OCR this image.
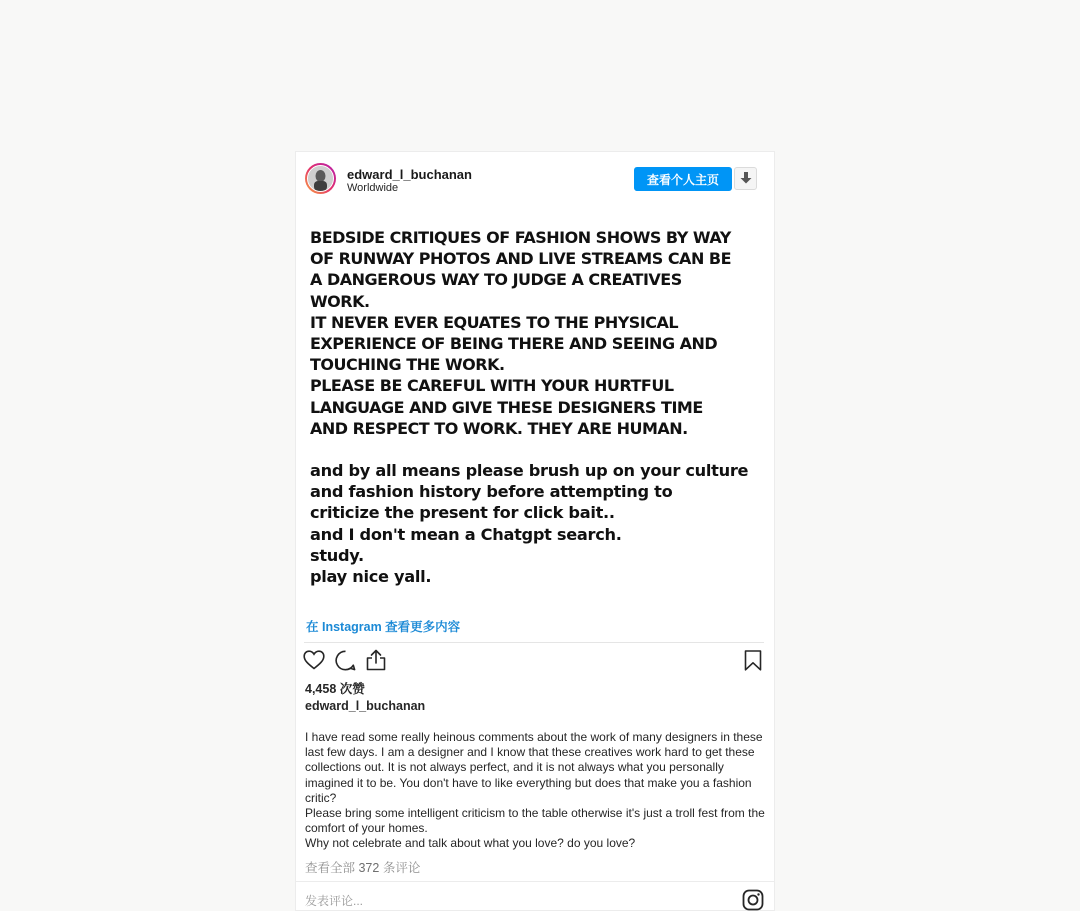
edward_l_buchanan
Worldwide
查看个人主页
BEDSIDE CRITIQUES OF FASHION SHOWS BY WAY
OF RUNWAY PHOTOS AND LIVE STREAMS CAN BE
A DANGEROUS WAY TO JUDGE A CREATIVES
WORK.
IT NEVER EVER EQUATES TO THE PHYSICAL
EXPERIENCE OF BEING THERE AND SEEING AND
TOUCHING THE WORK.
PLEASE BE CAREFUL WITH YOUR HURTFUL
LANGUAGE AND GIVE THESE DESIGNERS TIME
AND RESPECT TO WORK. THEY ARE HUMAN.
and by all means please brush up on your culture
and fashion history before attempting to
criticize the present for click bait..
and I don't mean a Chatgpt search.
study.
play nice yall.
在 Instagram 查看更多内容
4,458 次赞
edward_l_buchanan

I have read some really heinous comments about the work of many designers in these last few days. I am a designer and I know that these creatives work hard to get these collections out. It is not always perfect, and it is not always what you personally imagined it to be. You don't have to like everything but does that make you a fashion critic?

Please bring some intelligent criticism to the table otherwise it's just a troll fest from the comfort of your homes.

Why not celebrate and talk about what you love? do you love?

查看全部 372 条评论
发表评论...
